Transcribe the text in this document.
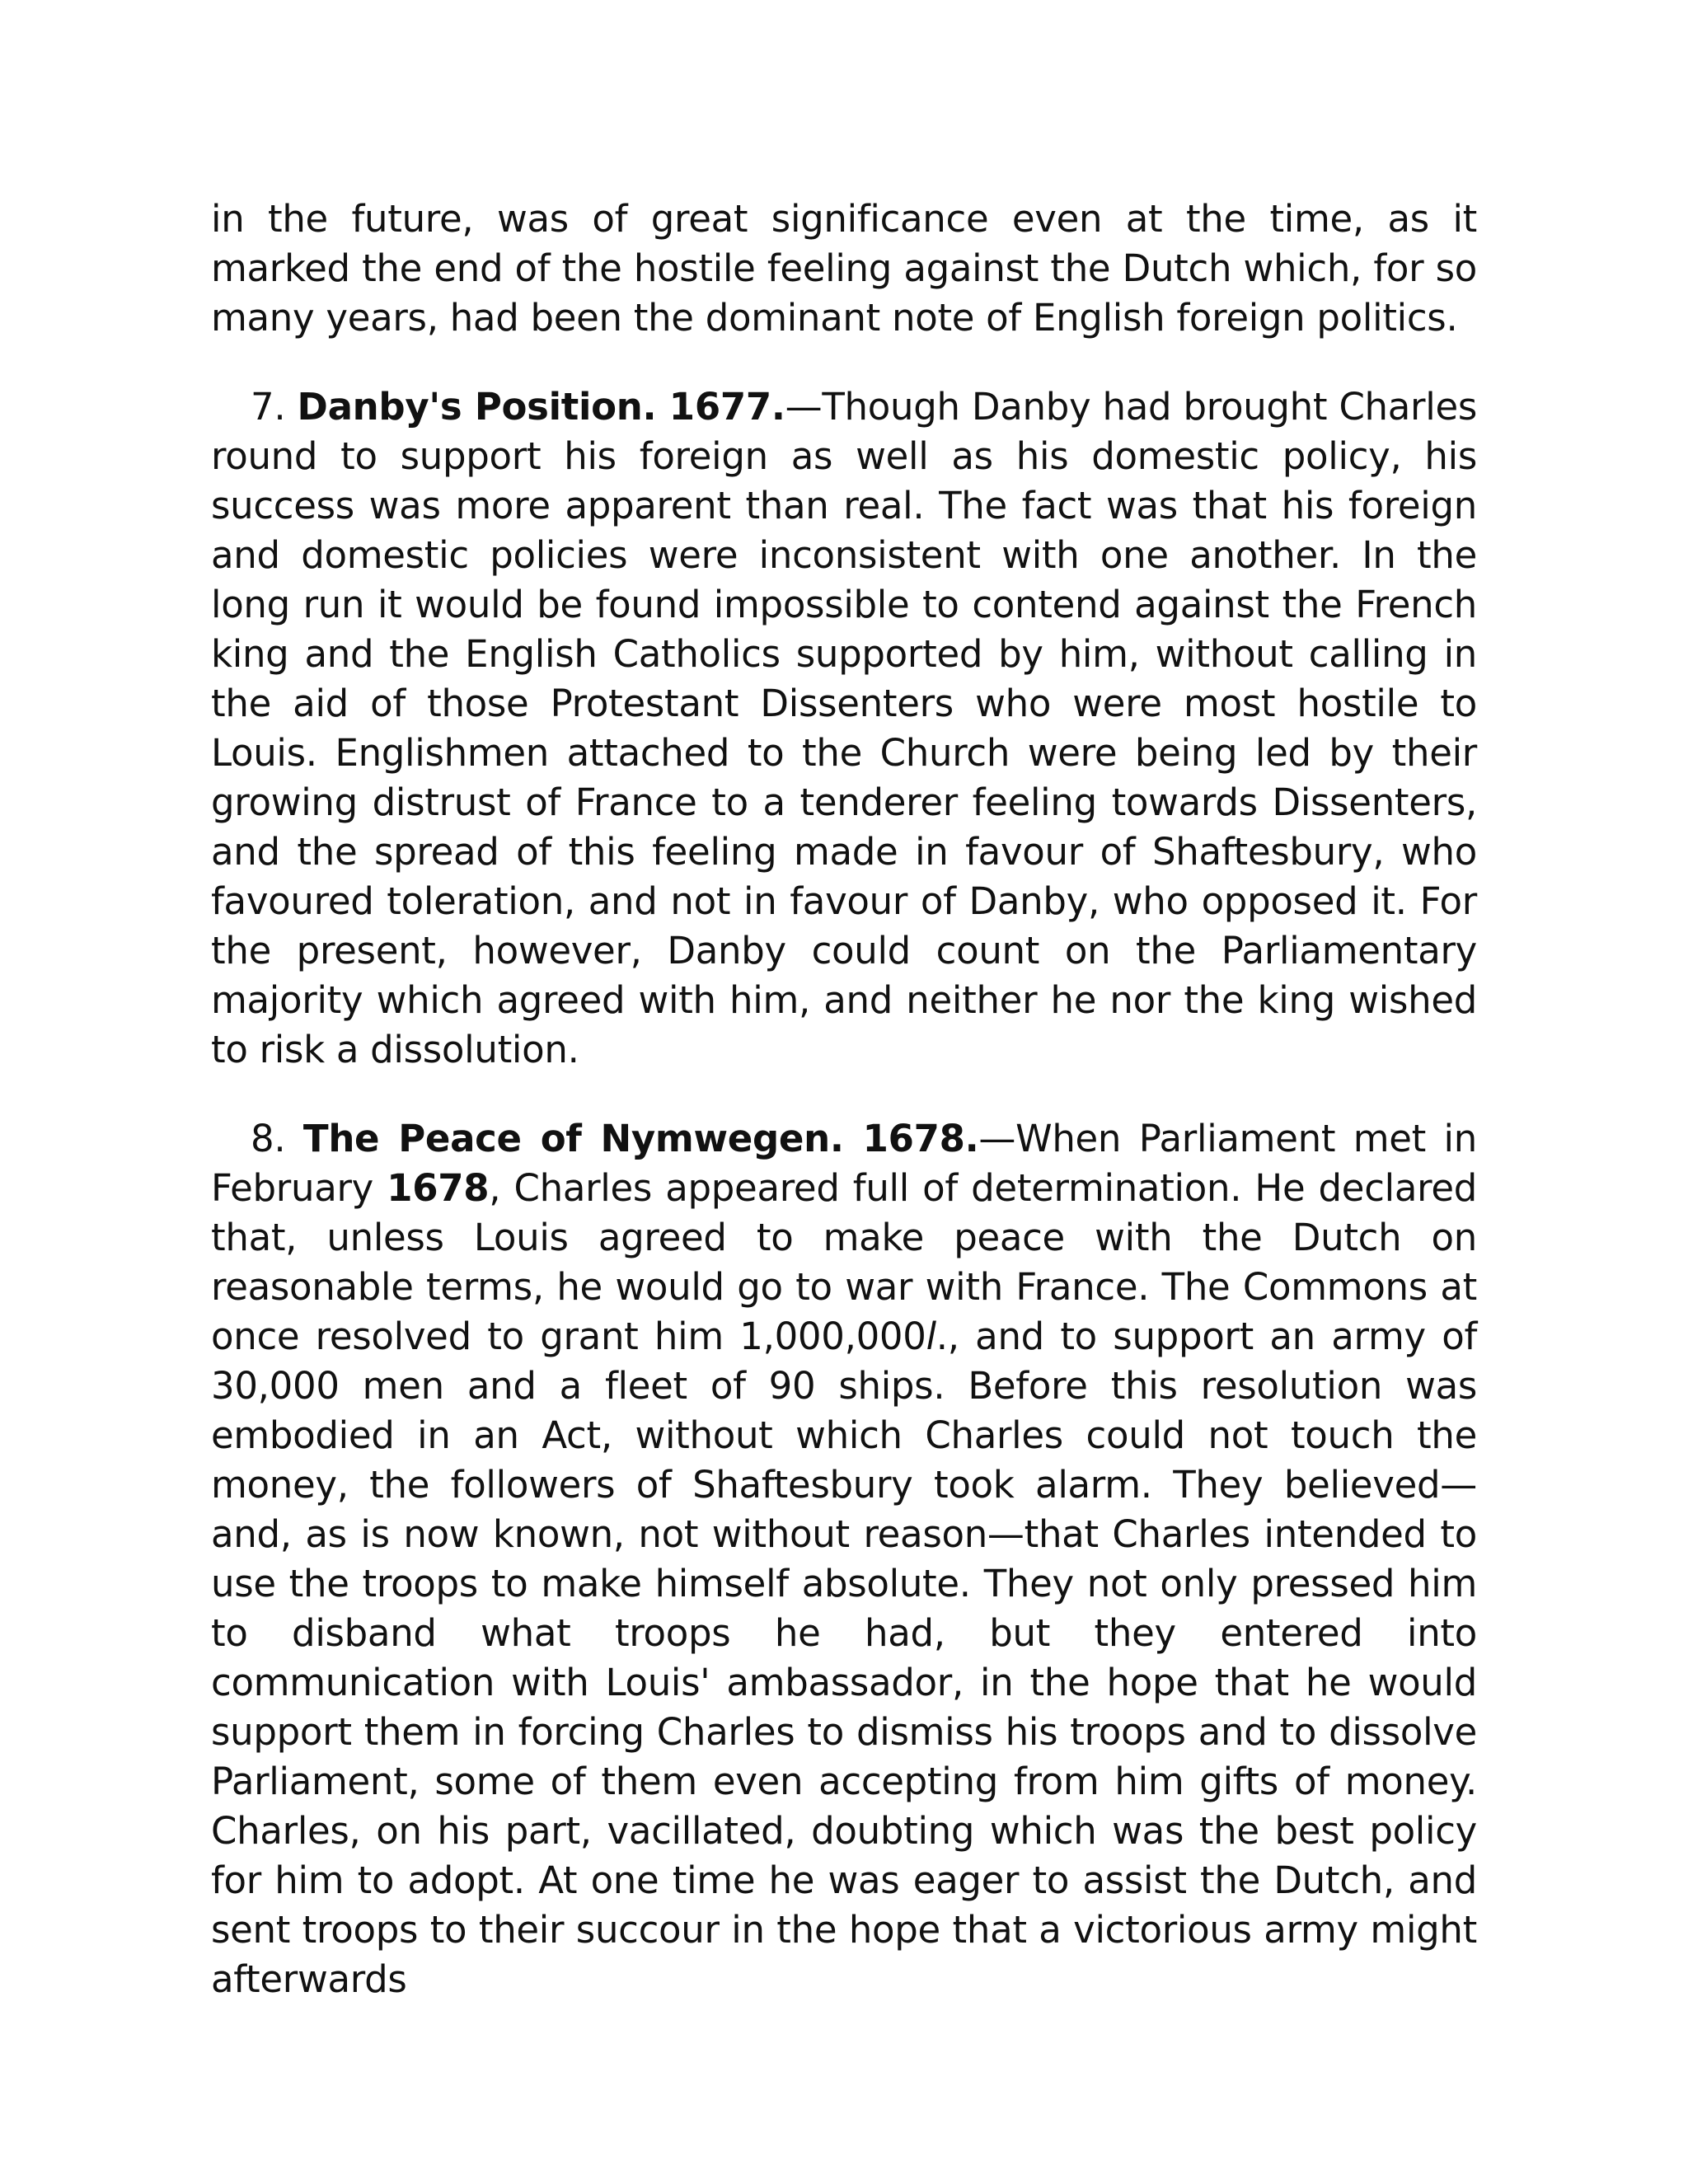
in the future, was of great significance even at the time, as it marked the end of the hostile feeling against the Dutch which, for so many years, had been the dominant note of English foreign politics.

7. Danby's Position. 1677.—Though Danby had brought Charles round to support his foreign as well as his domestic policy, his success was more apparent than real. The fact was that his foreign and domestic policies were inconsistent with one another. In the long run it would be found impossible to contend against the French king and the English Catholics supported by him, without calling in the aid of those Protestant Dissenters who were most hostile to Louis. Englishmen attached to the Church were being led by their growing distrust of France to a tenderer feeling towards Dissenters, and the spread of this feeling made in favour of Shaftesbury, who favoured toleration, and not in favour of Danby, who opposed it. For the present, however, Danby could count on the Parliamentary majority which agreed with him, and neither he nor the king wished to risk a dissolution.

8. The Peace of Nymwegen. 1678.—When Parliament met in February 1678, Charles appeared full of determination. He declared that, unless Louis agreed to make peace with the Dutch on reasonable terms, he would go to war with France. The Commons at once resolved to grant him 1,000,000l., and to support an army of 30,000 men and a fleet of 90 ships. Before this resolution was embodied in an Act, without which Charles could not touch the money, the followers of Shaftesbury took alarm. They believed—and, as is now known, not without reason—that Charles intended to use the troops to make himself absolute. They not only pressed him to disband what troops he had, but they entered into communication with Louis' ambassador, in the hope that he would support them in forcing Charles to dismiss his troops and to dissolve Parliament, some of them even accepting from him gifts of money. Charles, on his part, vacillated, doubting which was the best policy for him to adopt. At one time he was eager to assist the Dutch, and sent troops to their succour in the hope that a victorious army might afterwards
